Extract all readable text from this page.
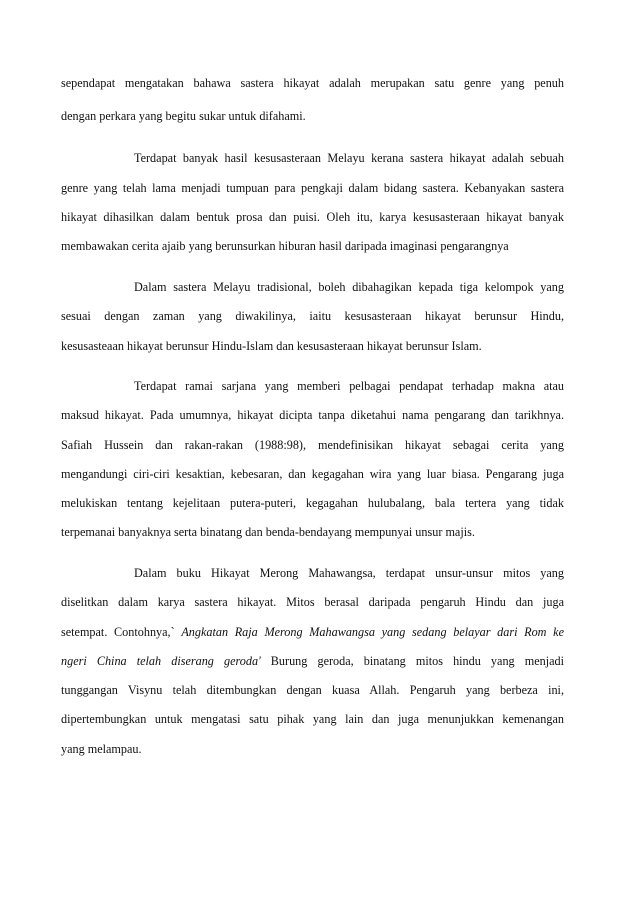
sependapat mengatakan bahawa sastera hikayat adalah merupakan satu genre yang penuh
dengan perkara yang begitu sukar untuk difahami.
Terdapat banyak hasil kesusasteraan Melayu kerana sastera hikayat adalah sebuah
genre yang telah lama menjadi tumpuan para pengkaji dalam bidang sastera. Kebanyakan sastera
hikayat dihasilkan dalam bentuk prosa dan puisi. Oleh itu, karya kesusasteraan hikayat banyak
membawakan cerita ajaib yang berunsurkan hiburan hasil daripada imaginasi pengarangnya
Dalam sastera Melayu tradisional, boleh dibahagikan kepada tiga kelompok yang
sesuai dengan zaman yang diwakilinya, iaitu kesusasteraan hikayat berunsur Hindu,
kesusasteaan hikayat berunsur Hindu-Islam dan kesusasteraan hikayat berunsur Islam.
Terdapat ramai sarjana yang memberi pelbagai pendapat terhadap makna atau
maksud hikayat. Pada umumnya, hikayat dicipta tanpa diketahui nama pengarang dan tarikhnya.
Safiah Hussein dan rakan-rakan (1988:98), mendefinisikan hikayat sebagai cerita yang
mengandungi ciri-ciri kesaktian, kebesaran, dan kegagahan wira yang luar biasa. Pengarang juga
melukiskan tentang kejelitaan putera-puteri, kegagahan hulubalang, bala tertera yang tidak
terpemanai banyaknya serta binatang dan benda-bendayang mempunyai unsur majis.
Dalam buku Hikayat Merong Mahawangsa, terdapat unsur-unsur mitos yang
diselitkan dalam karya sastera hikayat. Mitos berasal daripada pengaruh Hindu dan juga
setempat. Contohnya,` Angkatan Raja Merong Mahawangsa yang sedang belayar dari Rom ke
ngeri China telah diserang geroda' Burung geroda, binatang mitos hindu yang menjadi
tunggangan Visynu telah ditembungkan dengan kuasa Allah. Pengaruh yang berbeza ini,
dipertembungkan untuk mengatasi satu pihak yang lain dan juga menunjukkan kemenangan
yang melampau.
